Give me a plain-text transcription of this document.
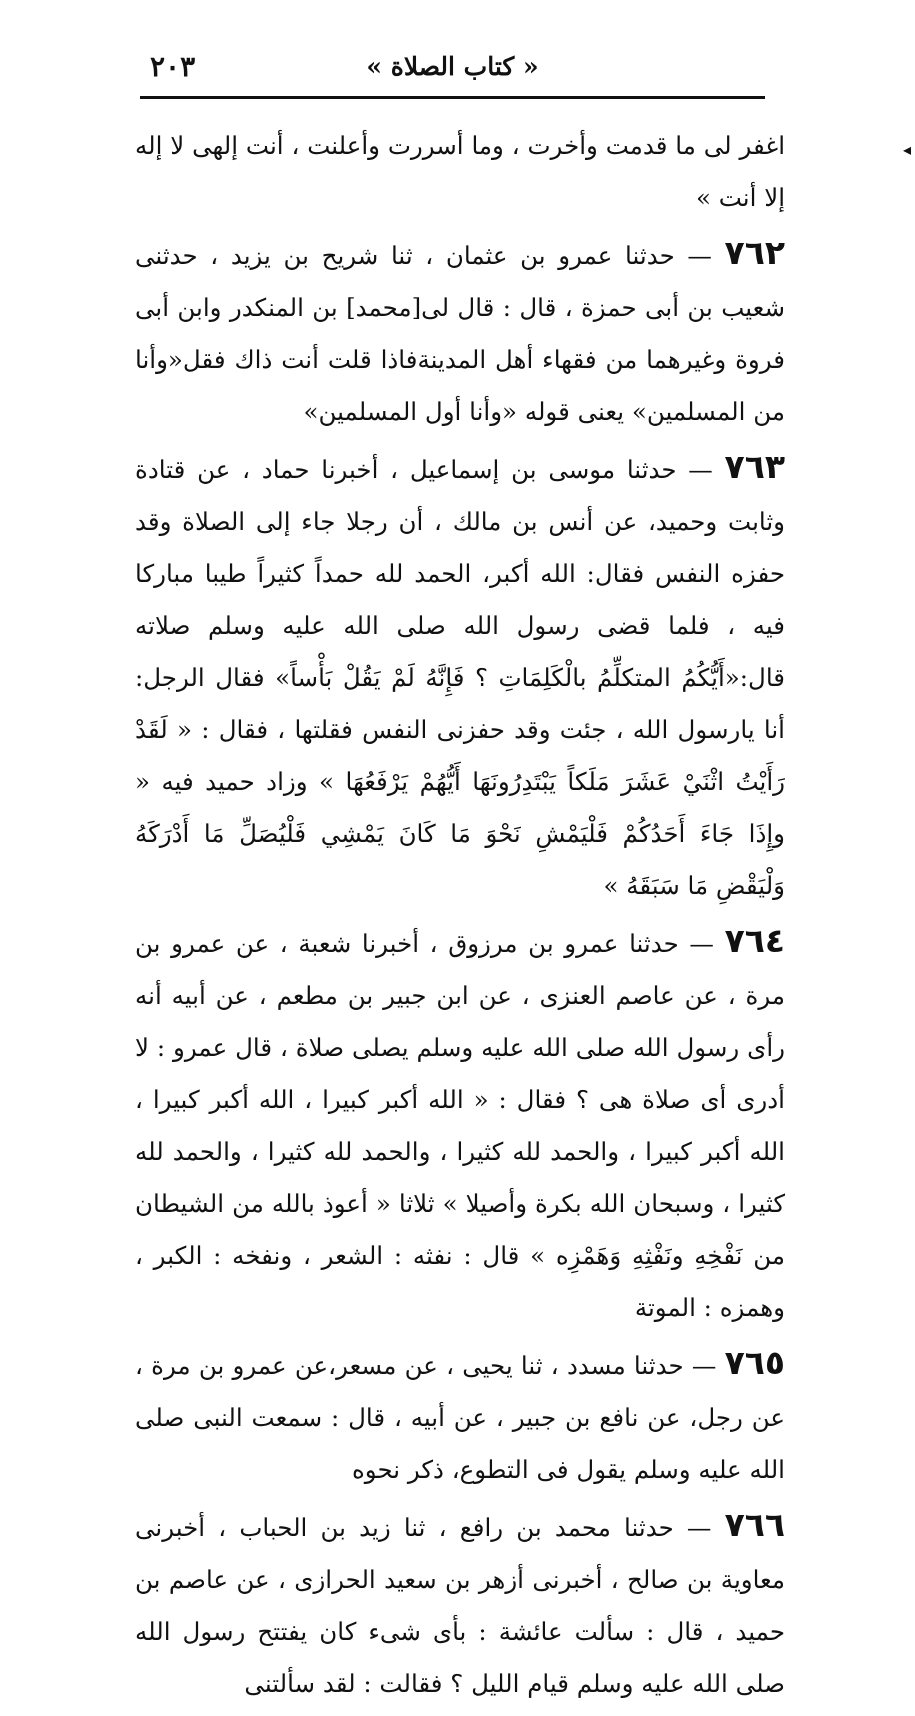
« كتاب الصلاة »
٢٠٣
◂

اغفر لى ما قدمت وأخرت ، وما أسررت وأعلنت ، أنت إلهى لا إله إلا أنت »

٧٦٢ — حدثنا عمرو بن عثمان ، ثنا شريح بن يزيد ، حدثنى شعيب بن أبى حمزة ، قال : قال لى[محمد] بن المنكدر وابن أبى فروة وغيرهما من فقهاء أهل المدينةفاذا قلت أنت ذاك فقل«وأنا من المسلمين» يعنى قوله «وأنا أول المسلمين»

٧٦٣ — حدثنا موسى بن إسماعيل ، أخبرنا حماد ، عن قتادة وثابت وحميد، عن أنس بن مالك ، أن رجلا جاء إلى الصلاة وقد حفزه النفس فقال: الله أكبر، الحمد لله حمداً كثيراً طيبا مباركا فيه ، فلما قضى رسول الله صلى الله عليه وسلم صلاته قال:«أَيُّكُمُ المتكلِّمُ بالْكَلِمَاتِ ؟ فَإِنَّهُ لَمْ يَقُلْ بَأْساً» فقال الرجل: أنا يارسول الله ، جئت وقد حفزنى النفس فقلتها ، فقال : « لَقَدْ رَأَيْتُ اثْنَيْ عَشَرَ مَلَكاً يَبْتَدِرُونَهَا أَيُّهُمْ يَرْفَعُهَا » وزاد حميد فيه « وإِذَا جَاءَ أَحَدُكُمْ فَلْيَمْشِ نَحْوَ مَا كَانَ يَمْشِي فَلْيُصَلِّ مَا أَدْرَكَهُ وَلْيَقْضِ مَا سَبَقَهُ »

٧٦٤ — حدثنا عمرو بن مرزوق ، أخبرنا شعبة ، عن عمرو بن مرة ، عن عاصم العنزى ، عن ابن جبير بن مطعم ، عن أبيه أنه رأى رسول الله صلى الله عليه وسلم يصلى صلاة ، قال عمرو : لا أدرى أى صلاة هى ؟ فقال : « الله أكبر كبيرا ، الله أكبر كبيرا ، الله أكبر كبيرا ، والحمد لله كثيرا ، والحمد لله كثيرا ، والحمد لله كثيرا ، وسبحان الله بكرة وأصيلا » ثلاثا « أعوذ بالله من الشيطان من نَفْخِهِ ونَفْثِهِ وَهَمْزِه » قال : نفثه : الشعر ، ونفخه : الكبر ، وهمزه : الموتة

٧٦٥ — حدثنا مسدد ، ثنا يحيى ، عن مسعر،عن عمرو بن مرة ، عن رجل، عن نافع بن جبير ، عن أبيه ، قال : سمعت النبى صلى الله عليه وسلم يقول فى التطوع، ذكر نحوه

٧٦٦ — حدثنا محمد بن رافع ، ثنا زيد بن الحباب ، أخبرنى معاوية بن صالح ، أخبرنى أزهر بن سعيد الحرازى ، عن عاصم بن حميد ، قال : سألت عائشة : بأى شىء كان يفتتح رسول الله صلى الله عليه وسلم قيام الليل ؟ فقالت : لقد سألتنى
